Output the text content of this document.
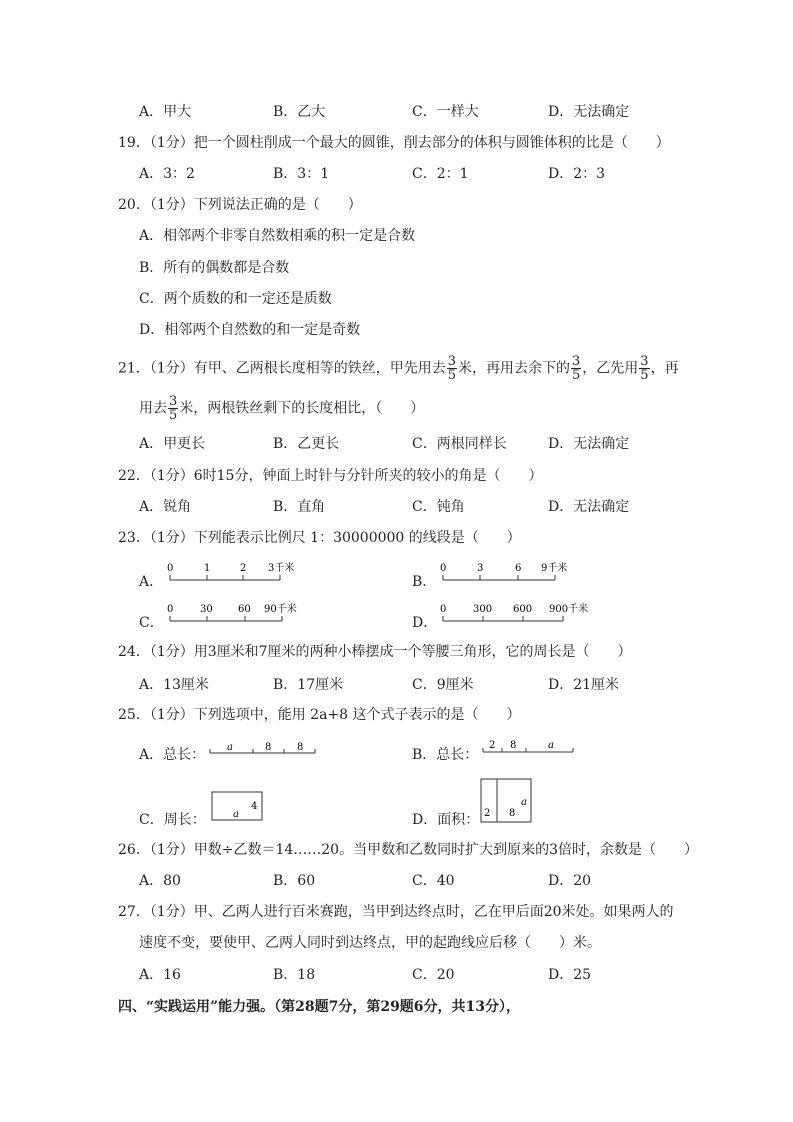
A．甲大	B．乙大	C．一样大	D．无法确定
19．（1分）把一个圆柱削成一个最大的圆锥，削去部分的体积与圆锥体积的比是（　　）
A．3：2	B．3：1	C．2：1	D．2：3
20．（1分）下列说法正确的是（　　）
A．相邻两个非零自然数相乘的积一定是合数
B．所有的偶数都是合数
C．两个质数的和一定还是质数
D．相邻两个自然数的和一定是奇数
21．（1分）有甲、乙两根长度相等的铁丝，甲先用去 $\frac{3}{5}$ 米，再用去余下的 $\frac{3}{5}$ ，乙先用 $\frac{3}{5}$ ，再
用去 $\frac{3}{5}$ 米，两根铁丝剩下的长度相比，（　　）
A．甲更长	B．乙更长	C．两根同样长	D．无法确定
22．（1分）6时15分，钟面上时针与分针所夹的较小的角是（　　）
A．锐角	B．直角	C．钝角	D．无法确定
23．（1分）下列能表示比例尺 1：30000000 的线段是（　　）
A．
0	1	2 3千米
B．
0	3	6 9千米
C．
0	30	60 90千米
D．
0	300 600 900千米
24．（1分）用3厘米和7厘米的两种小棒摆成一个等腰三角形，它的周长是（　　）
A．13厘米	B．17厘米	C．9厘米	D．21厘米
25．（1分）下列选项中，能用 2a+8 这个式子表示的是（　　）
A．总长： a	8	8	B．总长：
2 8	a
C．周长：	a
4
D．面积： 2 8
a
26．（1分）甲数÷乙数＝14……20。当甲数和乙数同时扩大到原来的3倍时，余数是（　　）
A．80	B．60	C．40	D．20
27．（1分）甲、乙两人进行百米赛跑，当甲到达终点时，乙在甲后面20米处。如果两人的
速度不变，要使甲、乙两人同时到达终点，甲的起跑线应后移（　　）米。
A．16	B．18	C．20	D．25
四、“实践运用”能力强。（第28题7分，第29题6分，共13分），
